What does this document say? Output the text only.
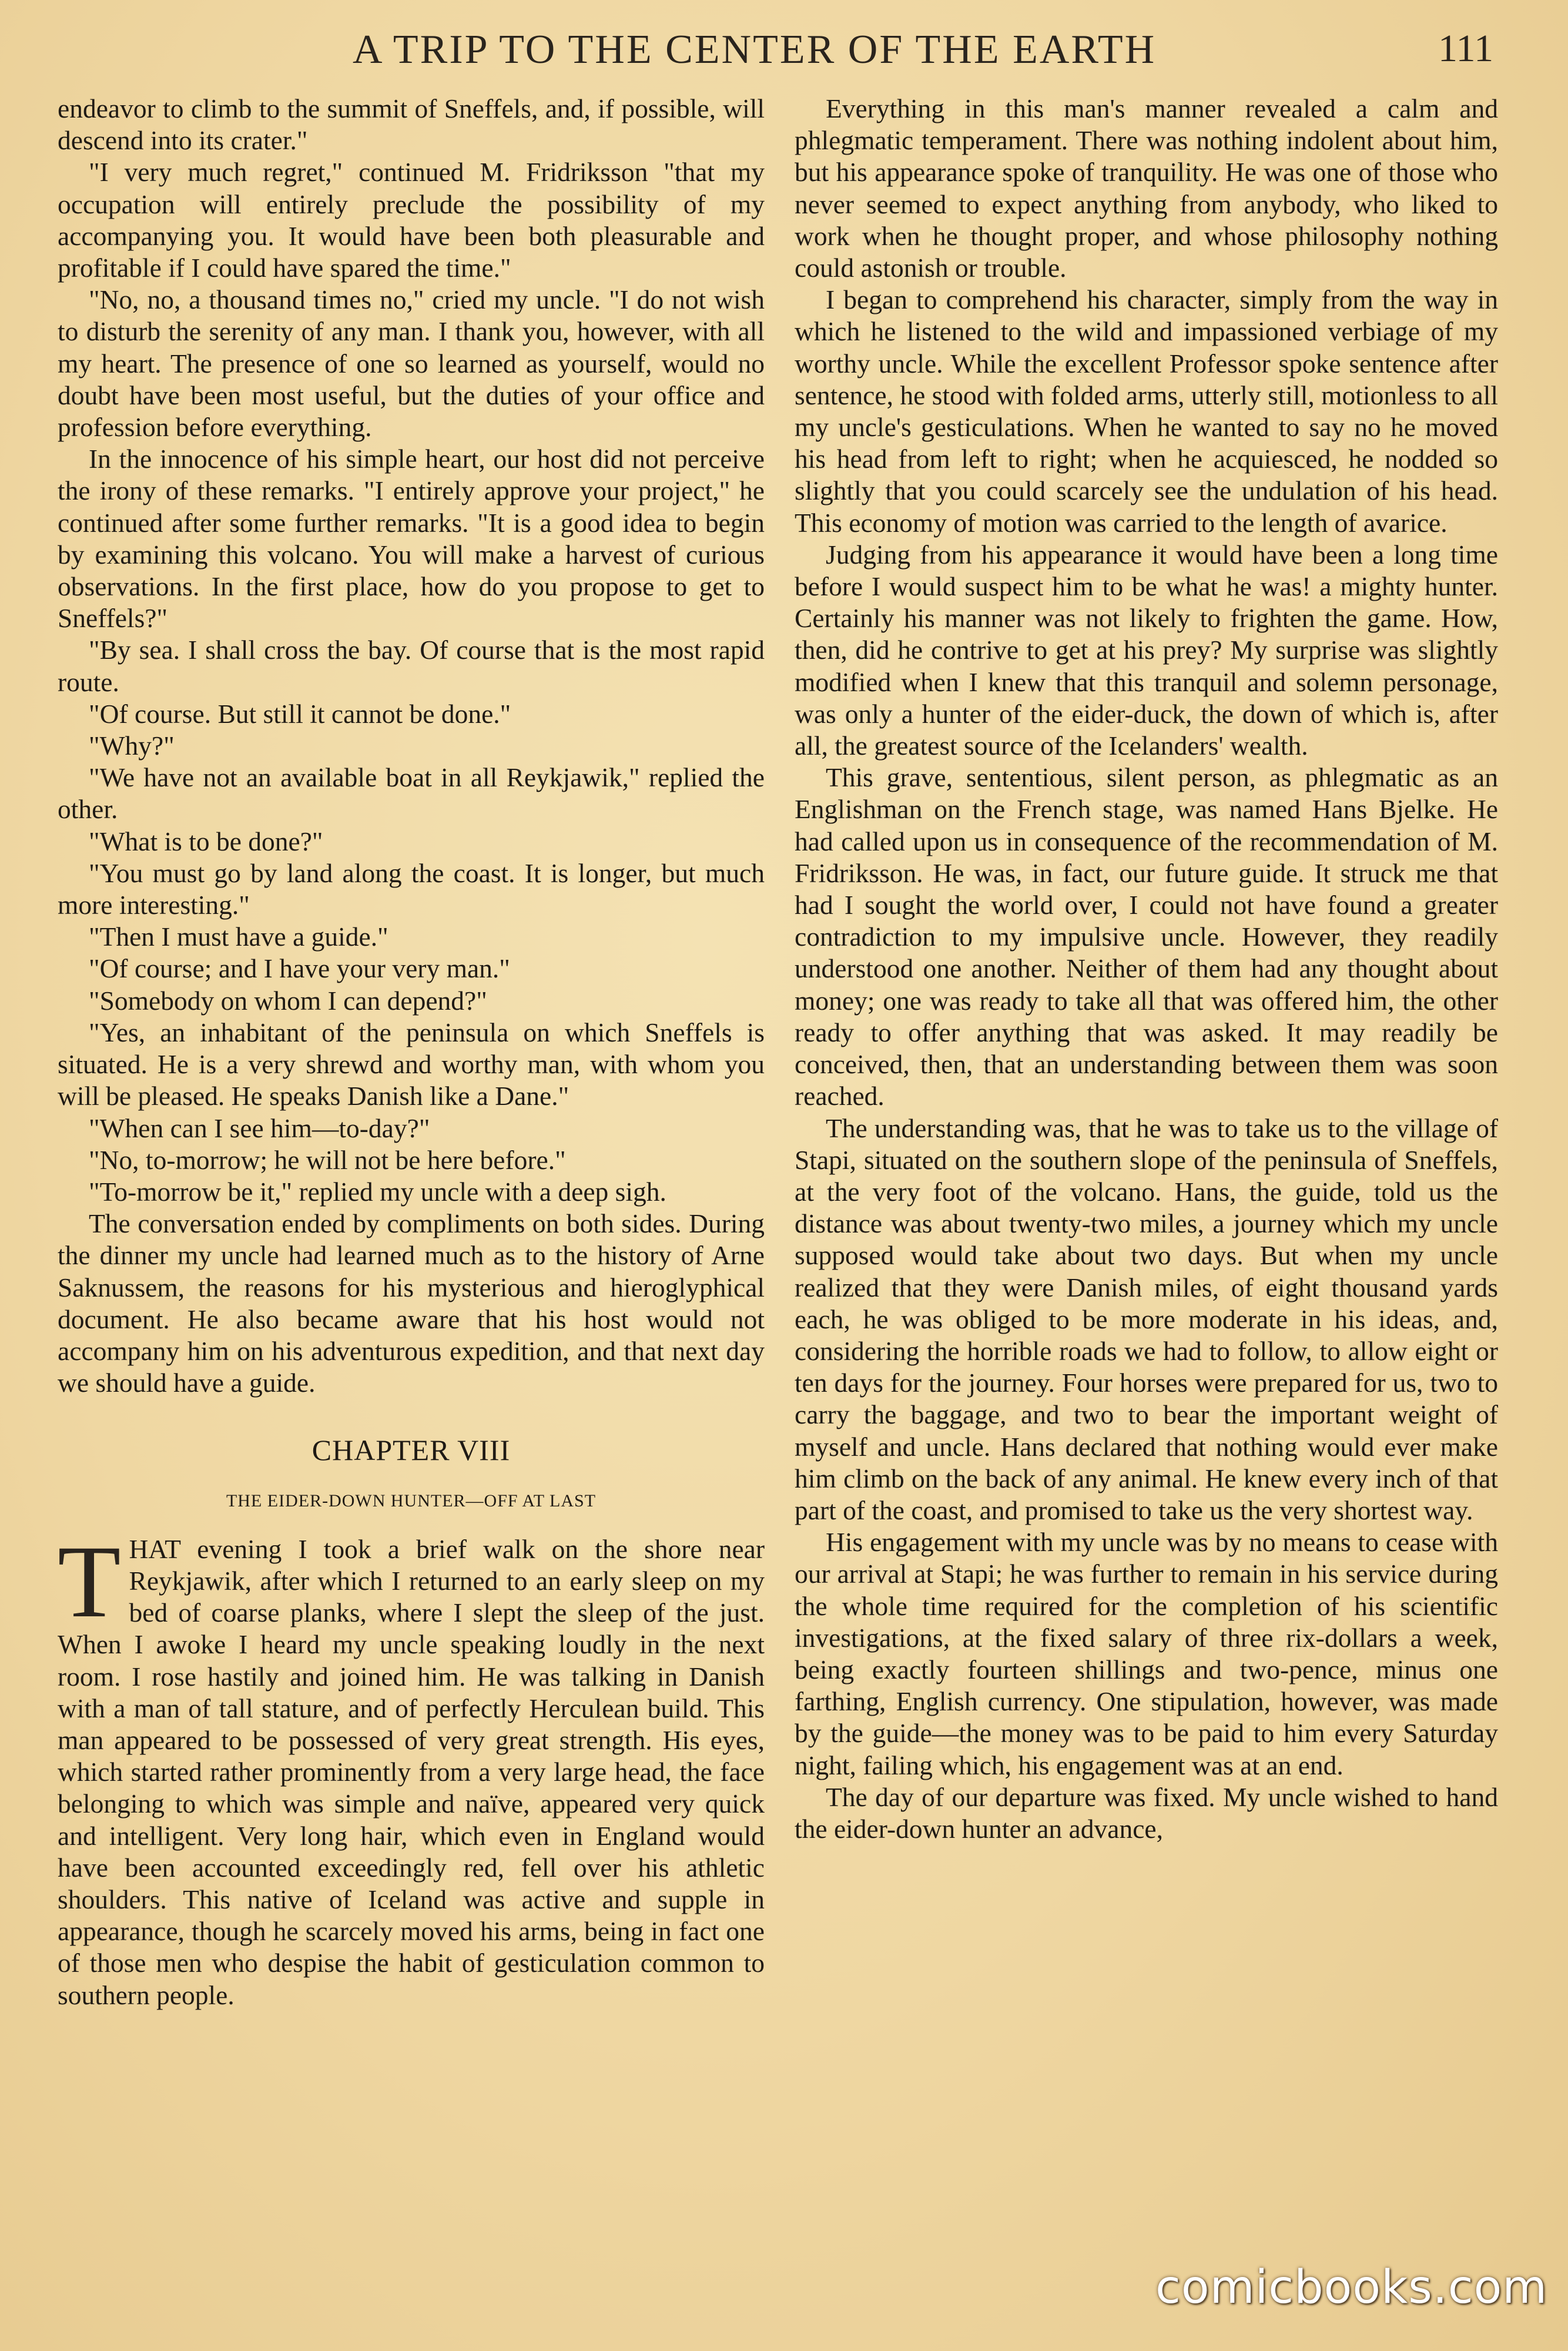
A TRIP TO THE CENTER OF THE EARTH	111

endeavor to climb to the summit of Sneffels, and, if possible, will descend into its crater."

"I very much regret," continued M. Fridriksson "that my occupation will entirely preclude the possibility of my accompanying you. It would have been both pleasurable and profitable if I could have spared the time."

"No, no, a thousand times no," cried my uncle. "I do not wish to disturb the serenity of any man. I thank you, however, with all my heart. The presence of one so learned as yourself, would no doubt have been most useful, but the duties of your office and profession before everything.

In the innocence of his simple heart, our host did not perceive the irony of these remarks. "I entirely approve your project," he continued after some further remarks. "It is a good idea to begin by examining this volcano. You will make a harvest of curious observations. In the first place, how do you propose to get to Sneffels?"

"By sea. I shall cross the bay. Of course that is the most rapid route.

"Of course. But still it cannot be done."

"Why?"

"We have not an available boat in all Reykjawik," replied the other.

"What is to be done?"

"You must go by land along the coast. It is longer, but much more interesting."

"Then I must have a guide."

"Of course; and I have your very man."

"Somebody on whom I can depend?"

"Yes, an inhabitant of the peninsula on which Sneffels is situated. He is a very shrewd and worthy man, with whom you will be pleased. He speaks Danish like a Dane."

"When can I see him—to-day?"

"No, to-morrow; he will not be here before."

"To-morrow be it," replied my uncle with a deep sigh.

The conversation ended by compliments on both sides. During the dinner my uncle had learned much as to the history of Arne Saknussem, the reasons for his mysterious and hieroglyphical document. He also became aware that his host would not accompany him on his adventurous expedition, and that next day we should have a guide.

CHAPTER VIII
THE EIDER-DOWN HUNTER—OFF AT LAST

THAT evening I took a brief walk on the shore near Reykjawik, after which I returned to an early sleep on my bed of coarse planks, where I slept the sleep of the just. When I awoke I heard my uncle speaking loudly in the next room. I rose hastily and joined him. He was talking in Danish with a man of tall stature, and of perfectly Herculean build. This man appeared to be possessed of very great strength. His eyes, which started rather prominently from a very large head, the face belonging to which was simple and naïve, appeared very quick and intelligent. Very long hair, which even in England would have been accounted exceedingly red, fell over his athletic shoulders. This native of Iceland was active and supple in appearance, though he scarcely moved his arms, being in fact one of those men who despise the habit of gesticulation common to southern people.

Everything in this man's manner revealed a calm and phlegmatic temperament. There was nothing indolent about him, but his appearance spoke of tranquility. He was one of those who never seemed to expect anything from anybody, who liked to work when he thought proper, and whose philosophy nothing could astonish or trouble.

I began to comprehend his character, simply from the way in which he listened to the wild and impassioned verbiage of my worthy uncle. While the excellent Professor spoke sentence after sentence, he stood with folded arms, utterly still, motionless to all my uncle's gesticulations. When he wanted to say no he moved his head from left to right; when he acquiesced, he nodded so slightly that you could scarcely see the undulation of his head. This economy of motion was carried to the length of avarice.

Judging from his appearance it would have been a long time before I would suspect him to be what he was! a mighty hunter. Certainly his manner was not likely to frighten the game. How, then, did he contrive to get at his prey? My surprise was slightly modified when I knew that this tranquil and solemn personage, was only a hunter of the eider-duck, the down of which is, after all, the greatest source of the Icelanders' wealth.

This grave, sententious, silent person, as phlegmatic as an Englishman on the French stage, was named Hans Bjelke. He had called upon us in consequence of the recommendation of M. Fridriksson. He was, in fact, our future guide. It struck me that had I sought the world over, I could not have found a greater contradiction to my impulsive uncle. However, they readily understood one another. Neither of them had any thought about money; one was ready to take all that was offered him, the other ready to offer anything that was asked. It may readily be conceived, then, that an understanding between them was soon reached.

The understanding was, that he was to take us to the village of Stapi, situated on the southern slope of the peninsula of Sneffels, at the very foot of the volcano. Hans, the guide, told us the distance was about twenty-two miles, a journey which my uncle supposed would take about two days. But when my uncle realized that they were Danish miles, of eight thousand yards each, he was obliged to be more moderate in his ideas, and, considering the horrible roads we had to follow, to allow eight or ten days for the journey. Four horses were prepared for us, two to carry the baggage, and two to bear the important weight of myself and uncle. Hans declared that nothing would ever make him climb on the back of any animal. He knew every inch of that part of the coast, and promised to take us the very shortest way.

His engagement with my uncle was by no means to cease with our arrival at Stapi; he was further to remain in his service during the whole time required for the completion of his scientific investigations, at the fixed salary of three rix-dollars a week, being exactly fourteen shillings and two-pence, minus one farthing, English currency. One stipulation, however, was made by the guide—the money was to be paid to him every Saturday night, failing which, his engagement was at an end.

The day of our departure was fixed. My uncle wished to hand the eider-down hunter an advance,

comicbooks.com
